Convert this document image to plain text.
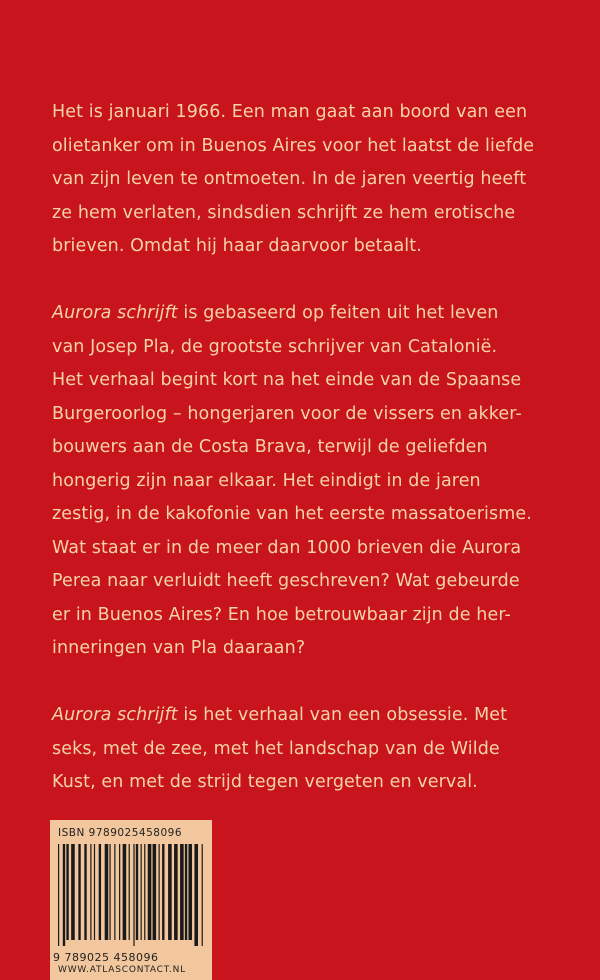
Het is januari 1966. Een man gaat aan boord van een
olietanker om in Buenos Aires voor het laatst de liefde
van zijn leven te ontmoeten. In de jaren veertig heeft
ze hem verlaten, sindsdien schrijft ze hem erotische
brieven. Omdat hij haar daarvoor betaalt.

Aurora schrijft is gebaseerd op feiten uit het leven
van Josep Pla, de grootste schrijver van Catalonië.
Het verhaal begint kort na het einde van de Spaanse
Burgeroorlog – hongerjaren voor de vissers en akker-
bouwers aan de Costa Brava, terwijl de geliefden
hongerig zijn naar elkaar. Het eindigt in de jaren
zestig, in de kakofonie van het eerste massatoerisme.
Wat staat er in de meer dan 1000 brieven die Aurora
Perea naar verluidt heeft geschreven? Wat gebeurde
er in Buenos Aires? En hoe betrouwbaar zijn de her-
inneringen van Pla daaraan?

Aurora schrijft is het verhaal van een obsessie. Met
seks, met de zee, met het landschap van de Wilde
Kust, en met de strijd tegen vergeten en verval.

ISBN 9789025458096
9 789025 458096
WWW.ATLASCONTACT.NL
